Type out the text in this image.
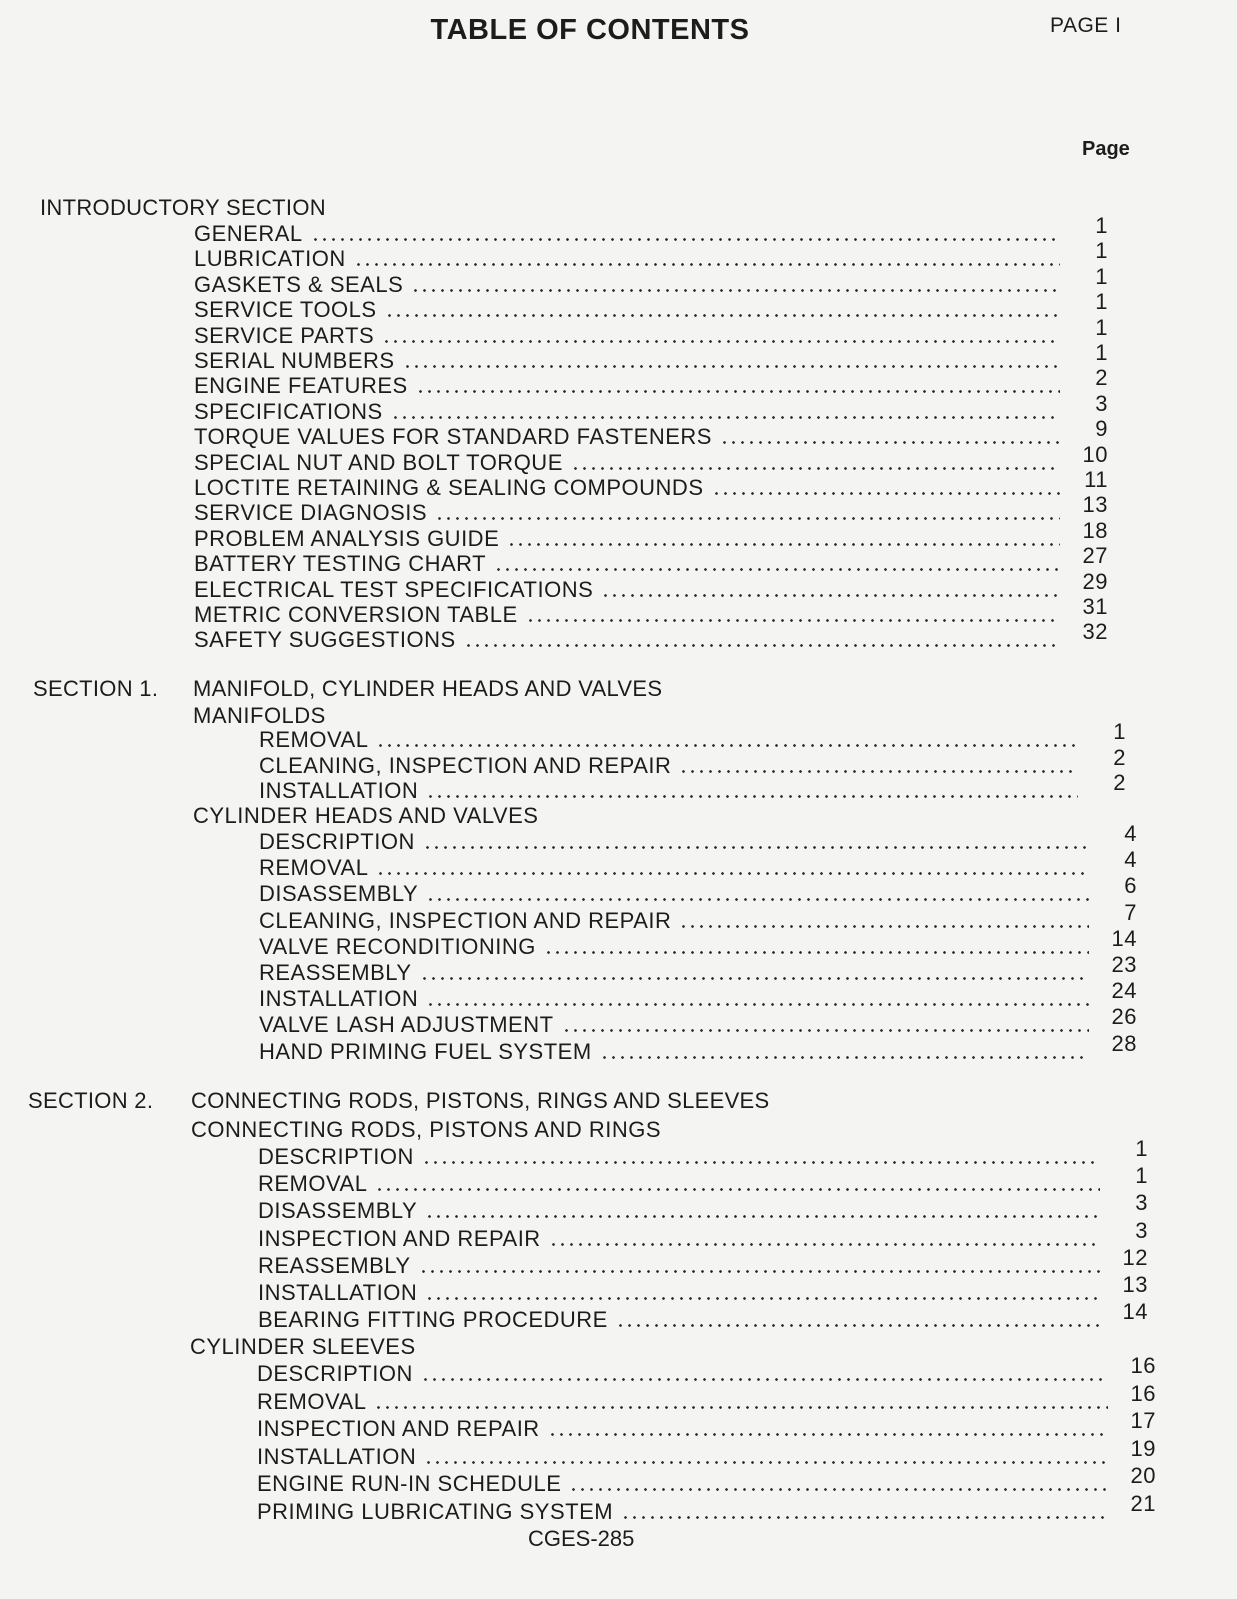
TABLE OF CONTENTS	PAGE I
Page
INTRODUCTORY SECTION
GENERAL	1
LUBRICATION	1
GASKETS & SEALS	1
SERVICE TOOLS	1
SERVICE PARTS	1
SERIAL NUMBERS	1
ENGINE FEATURES	2
SPECIFICATIONS	3
TORQUE VALUES FOR STANDARD FASTENERS	9
SPECIAL NUT AND BOLT TORQUE	10
LOCTITE RETAINING & SEALING COMPOUNDS	11
SERVICE DIAGNOSIS	13
PROBLEM ANALYSIS GUIDE	18
BATTERY TESTING CHART	27
ELECTRICAL TEST SPECIFICATIONS	29
METRIC CONVERSION TABLE	31
SAFETY SUGGESTIONS	32
SECTION 1. MANIFOLD, CYLINDER HEADS AND VALVES
MANIFOLDS
REMOVAL	1
CLEANING, INSPECTION AND REPAIR	2
INSTALLATION	2
CYLINDER HEADS AND VALVES
DESCRIPTION	4
REMOVAL	4
DISASSEMBLY	6
CLEANING, INSPECTION AND REPAIR	7
VALVE RECONDITIONING	14
REASSEMBLY	23
INSTALLATION	24
VALVE LASH ADJUSTMENT	26
HAND PRIMING FUEL SYSTEM	28
SECTION 2. CONNECTING RODS, PISTONS, RINGS AND SLEEVES
CONNECTING RODS, PISTONS AND RINGS
DESCRIPTION	1
REMOVAL	1
DISASSEMBLY	3
INSPECTION AND REPAIR	3
REASSEMBLY	12
INSTALLATION	13
BEARING FITTING PROCEDURE	14
CYLINDER SLEEVES
DESCRIPTION	16
REMOVAL	16
INSPECTION AND REPAIR	17
INSTALLATION	19
ENGINE RUN-IN SCHEDULE	20
PRIMING LUBRICATING SYSTEM	21
CGES-285
